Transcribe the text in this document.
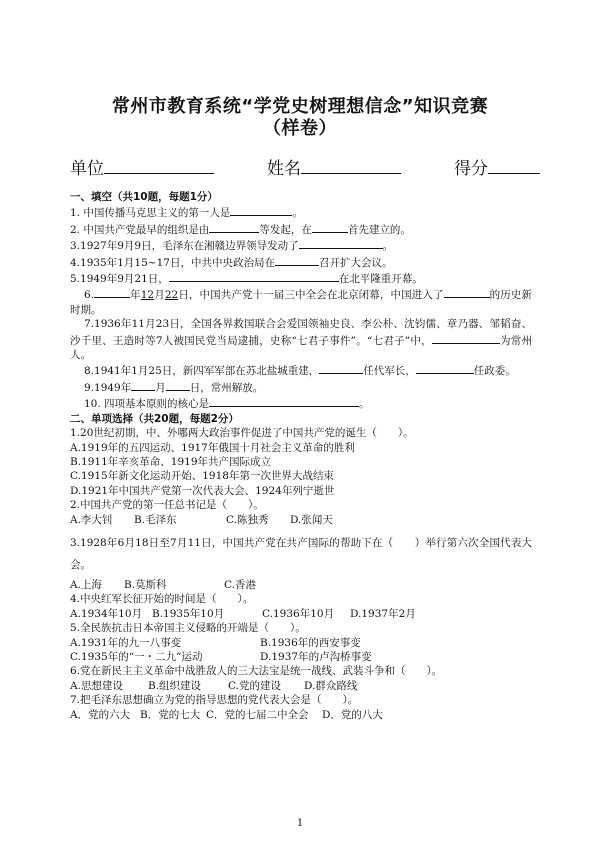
常州市教育系统“学党史树理想信念”知识竞赛
（样卷）
单位	姓名	得分
一、填空（共10题，每题1分）
1. 中国传播马克思主义的第一人是	。
2. 中国共产党最早的组织是由	等发起，在	首先建立的。
3.1927年9月9日，毛泽东在湘赣边界领导发动了	。
4.1935年1月15~17日，中共中央政治局在	召开扩大会议。
5.1949年9月21日，	在北平隆重开幕。
6.	年12月22日，中国共产党十一届三中全会在北京闭幕，中国进入了	的历史新时期。
7.1936年11月23日，全国各界救国联合会爱国领袖史良、李公朴、沈钧儒、章乃器、邹韬奋、沙千里、王造时等7人被国民党当局逮捕，史称“七君子事件”。“七君子”中，	为常州人。
8.1941年1月25日，新四军军部在苏北盐城重建，	任代军长，	任政委。
9.1949年 月 日，常州解放。
10. 四项基本原则的核心是	。
二、单项选择（共20题，每题2分）
1.20世纪初期，中、外哪两大政治事件促进了中国共产党的诞生（　　）。
A.1919年的五四运动、1917年俄国十月社会主义革命的胜利
B.1911年辛亥革命、1919年共产国际成立
C.1915年新文化运动开始、1918年第一次世界大战结束
D.1921年中国共产党第一次代表大会、1924年列宁逝世
2.中国共产党的第一任总书记是（　　）。
A.李大钊	B.毛泽东	C.陈独秀	D.张闻天
3.1928年6月18日至7月11日，中国共产党在共产国际的帮助下在（　　）举行第六次全国代表大会。
A.上海	B.莫斯科	C.香港
4.中央红军长征开始的时间是（　　）。
A.1934年10月 B.1935年10月	C.1936年10月	D.1937年2月
5.全民族抗击日本帝国主义侵略的开端是（　　）。
A.1931年的九一八事变	B.1936年的西安事变
C.1935年的“一・二九”运动	D.1937年的卢沟桥事变
6.党在新民主主义革命中战胜敌人的三大法宝是统一战线、武装斗争和（　　）。
A.思想建设	B.组织建设	C.党的建设	D.群众路线
7.把毛泽东思想确立为党的指导思想的党代表大会是（　　）。
A．党的六大 B．党的七大 C．党的七届二中全会	D．党的八大
1
